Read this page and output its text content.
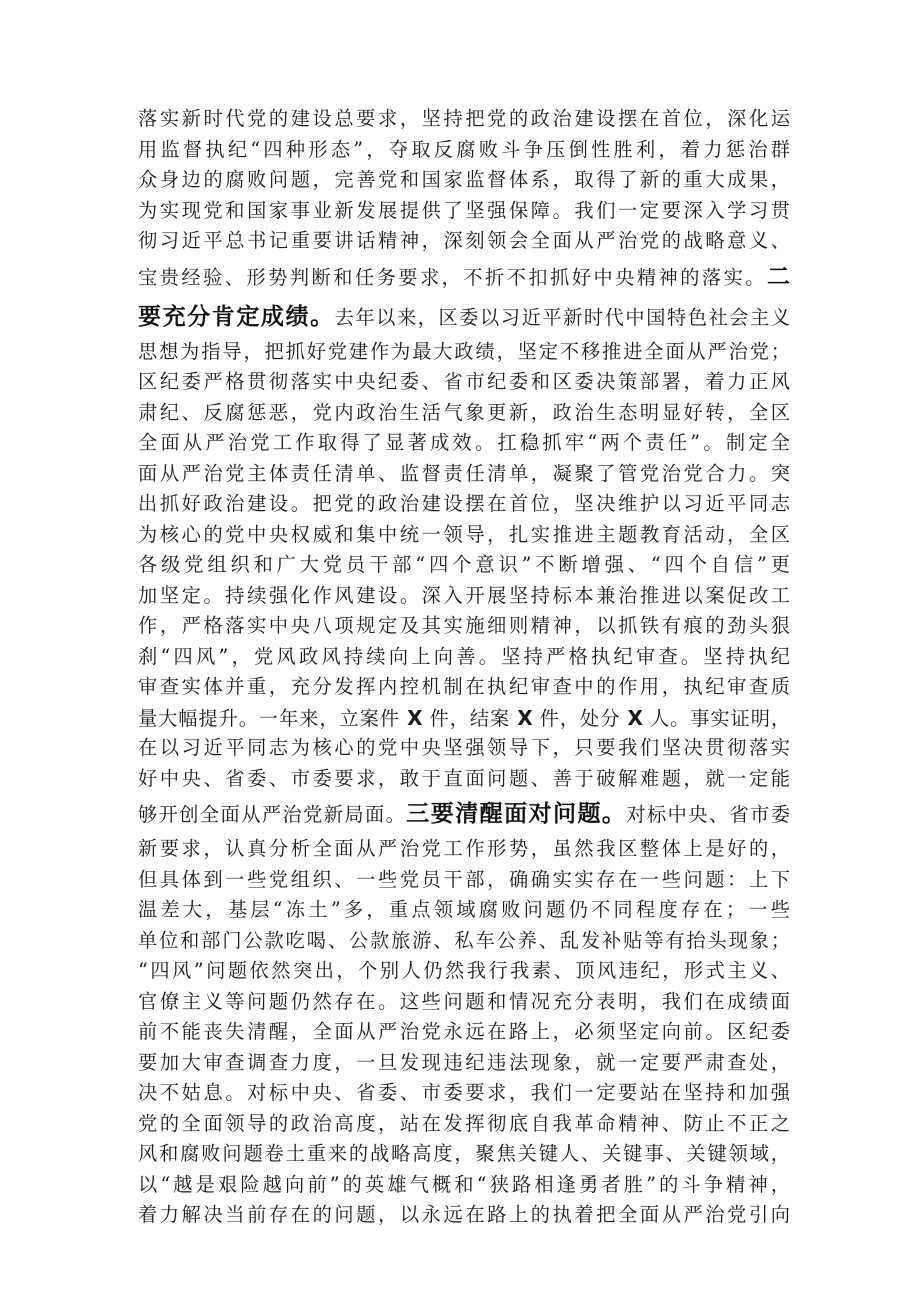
落实新时代党的建设总要求，坚持把党的政治建设摆在首位，深化运
用监督执纪“四种形态”，夺取反腐败斗争压倒性胜利，着力惩治群
众身边的腐败问题，完善党和国家监督体系，取得了新的重大成果，
为实现党和国家事业新发展提供了坚强保障。我们一定要深入学习贯
彻习近平总书记重要讲话精神，深刻领会全面从严治党的战略意义、
宝贵经验、形势判断和任务要求，不折不扣抓好中央精神的落实。二
要充分肯定成绩。去年以来，区委以习近平新时代中国特色社会主义
思想为指导，把抓好党建作为最大政绩，坚定不移推进全面从严治党；
区纪委严格贯彻落实中央纪委、省市纪委和区委决策部署，着力正风
肃纪、反腐惩恶，党内政治生活气象更新，政治生态明显好转，全区
全面从严治党工作取得了显著成效。扛稳抓牢“两个责任”。制定全
面从严治党主体责任清单、监督责任清单，凝聚了管党治党合力。突
出抓好政治建设。把党的政治建设摆在首位，坚决维护以习近平同志
为核心的党中央权威和集中统一领导，扎实推进主题教育活动，全区
各级党组织和广大党员干部“四个意识”不断增强、“四个自信”更
加坚定。持续强化作风建设。深入开展坚持标本兼治推进以案促改工
作，严格落实中央八项规定及其实施细则精神，以抓铁有痕的劲头狠
刹“四风”，党风政风持续向上向善。坚持严格执纪审查。坚持执纪
审查实体并重，充分发挥内控机制在执纪审查中的作用，执纪审查质
量大幅提升。一年来，立案件 X 件，结案 X 件，处分 X 人。事实证明，
在以习近平同志为核心的党中央坚强领导下，只要我们坚决贯彻落实
好中央、省委、市委要求，敢于直面问题、善于破解难题，就一定能
够开创全面从严治党新局面。三要清醒面对问题。对标中央、省市委
新要求，认真分析全面从严治党工作形势，虽然我区整体上是好的，
但具体到一些党组织、一些党员干部，确确实实存在一些问题：上下
温差大，基层“冻土”多，重点领域腐败问题仍不同程度存在；一些
单位和部门公款吃喝、公款旅游、私车公养、乱发补贴等有抬头现象；
“四风”问题依然突出，个别人仍然我行我素、顶风违纪，形式主义、
官僚主义等问题仍然存在。这些问题和情况充分表明，我们在成绩面
前不能丧失清醒，全面从严治党永远在路上，必须坚定向前。区纪委
要加大审查调查力度，一旦发现违纪违法现象，就一定要严肃查处，
决不姑息。对标中央、省委、市委要求，我们一定要站在坚持和加强
党的全面领导的政治高度，站在发挥彻底自我革命精神、防止不正之
风和腐败问题卷土重来的战略高度，聚焦关键人、关键事、关键领域，
以“越是艰险越向前”的英雄气概和“狭路相逢勇者胜”的斗争精神，
着力解决当前存在的问题，以永远在路上的执着把全面从严治党引向
